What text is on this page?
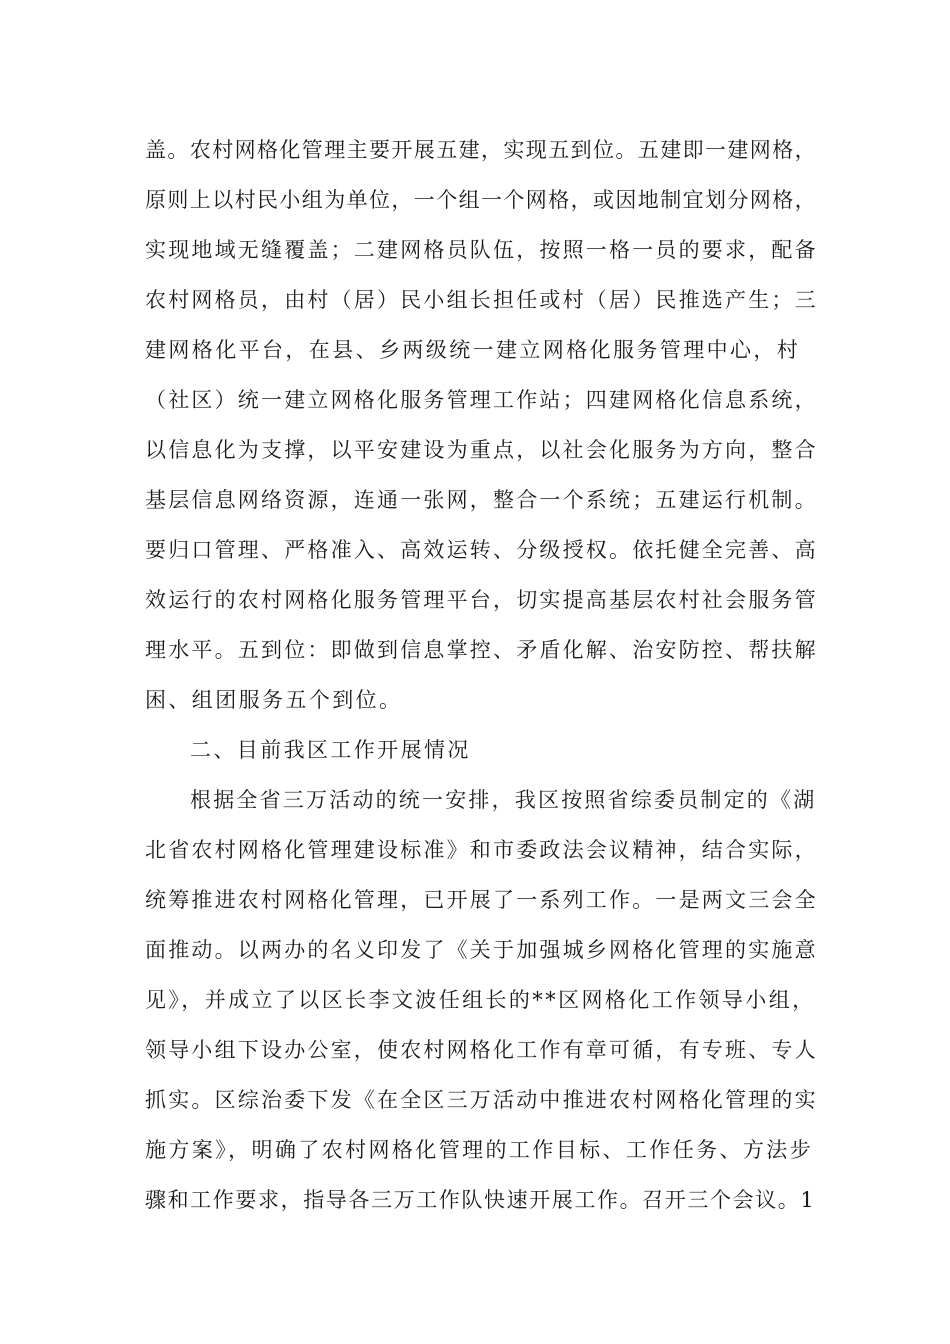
盖。农村网格化管理主要开展五建，实现五到位。五建即一建网格，
原则上以村民小组为单位，一个组一个网格，或因地制宜划分网格，
实现地域无缝覆盖；二建网格员队伍，按照一格一员的要求，配备
农村网格员，由村（居）民小组长担任或村（居）民推选产生；三
建网格化平台，在县、乡两级统一建立网格化服务管理中心，村
（社区）统一建立网格化服务管理工作站；四建网格化信息系统，
以信息化为支撑，以平安建设为重点，以社会化服务为方向，整合
基层信息网络资源，连通一张网，整合一个系统；五建运行机制。
要归口管理、严格准入、高效运转、分级授权。依托健全完善、高
效运行的农村网格化服务管理平台，切实提高基层农村社会服务管
理水平。五到位：即做到信息掌控、矛盾化解、治安防控、帮扶解
困、组团服务五个到位。
二、目前我区工作开展情况
根据全省三万活动的统一安排，我区按照省综委员制定的《湖
北省农村网格化管理建设标准》和市委政法会议精神，结合实际，
统筹推进农村网格化管理，已开展了一系列工作。一是两文三会全
面推动。以两办的名义印发了《关于加强城乡网格化管理的实施意
见》，并成立了以区长李文波任组长的**区网格化工作领导小组，
领导小组下设办公室，使农村网格化工作有章可循，有专班、专人
抓实。区综治委下发《在全区三万活动中推进农村网格化管理的实
施方案》，明确了农村网格化管理的工作目标、工作任务、方法步
骤和工作要求，指导各三万工作队快速开展工作。召开三个会议。1
